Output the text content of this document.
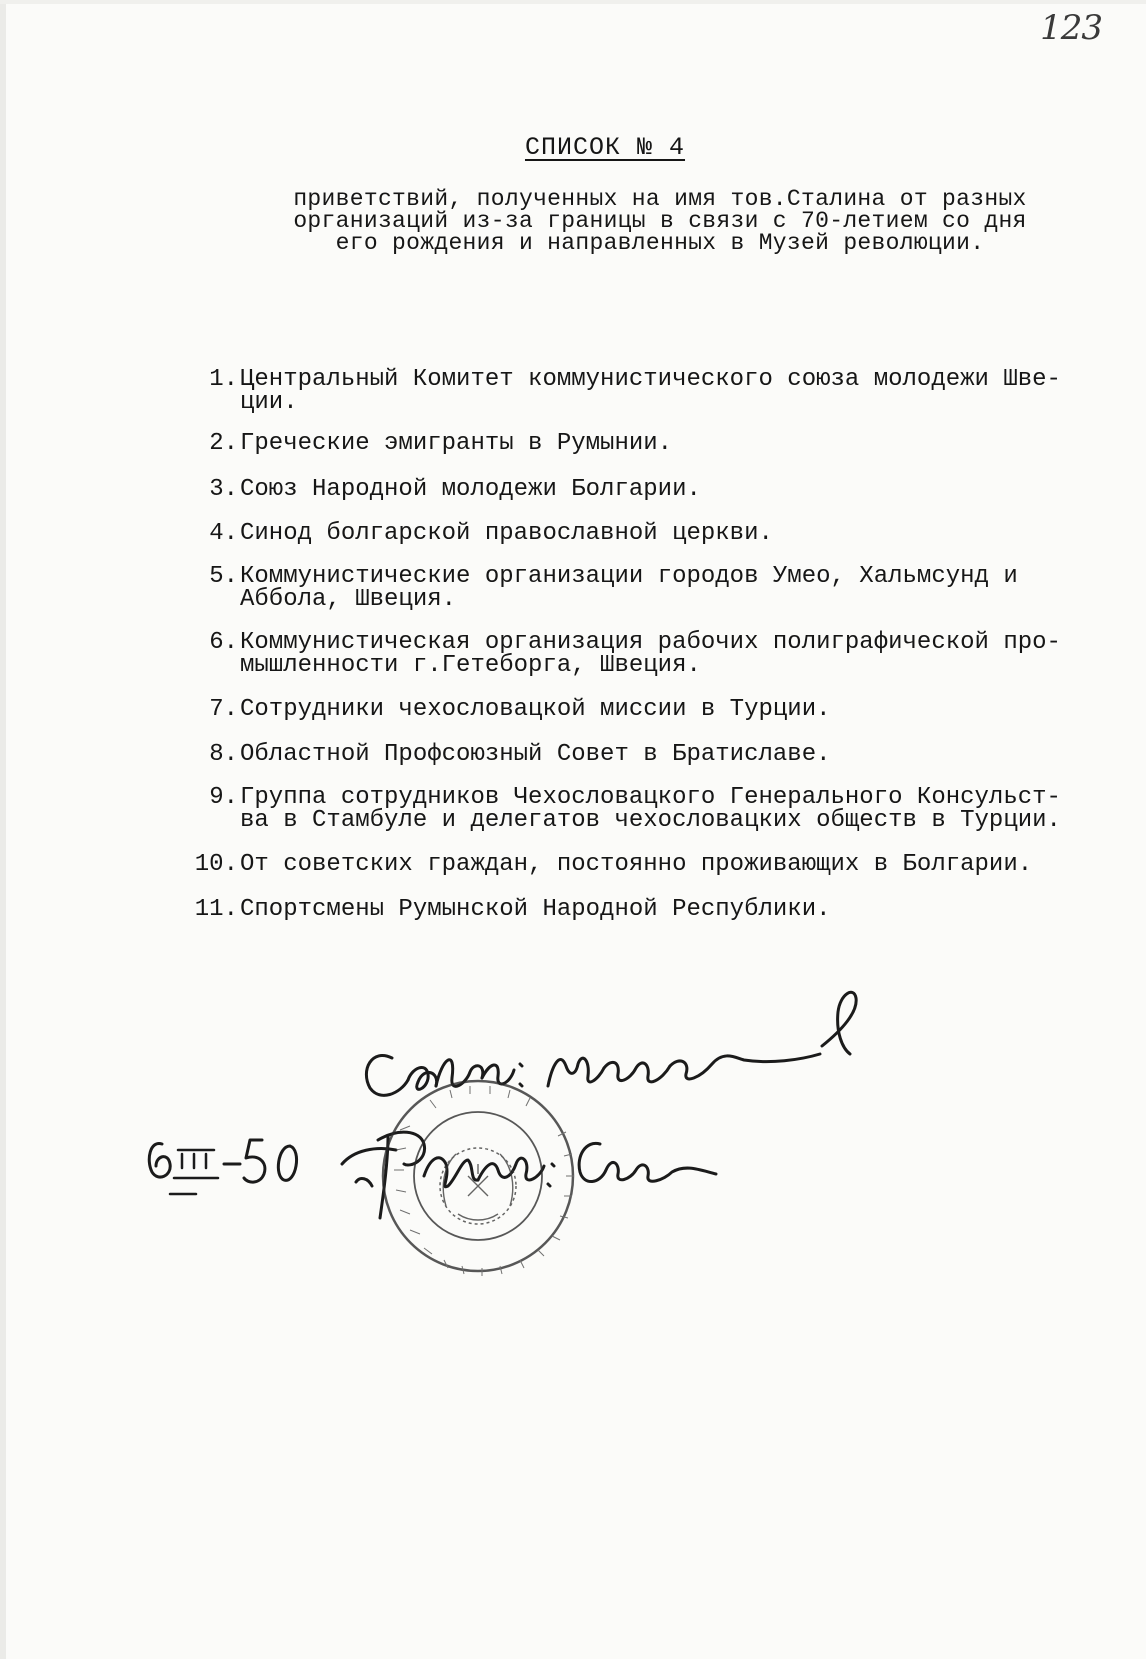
123
СПИСОК № 4
приветствий, полученных на имя тов.Сталина от разных
организаций из-за границы в связи с 70-летием со дня
его рождения и направленных в Музей революции.
1. Центральный Комитет коммунистического союза молодежи Шве-
ции.
2. Греческие эмигранты в Румынии.
3. Союз Народной молодежи Болгарии.
4. Синод болгарской православной церкви.
5. Коммунистические организации городов Умео, Хальмсунд и
Аббола, Швеция.
6. Коммунистическая организация рабочих полиграфической про-
мышленности г.Гетеборга, Швеция.
7. Сотрудники чехословацкой миссии в Турции.
8. Областной Профсоюзный Совет в Братиславе.
9. Группа сотрудников Чехословацкого Генерального Консульст-
ва в Стамбуле и делегатов чехословацких обществ в Турции.
10. От советских граждан, постоянно проживающих в Болгарии.
11. Спортсмены Румынской Народной Республики.
